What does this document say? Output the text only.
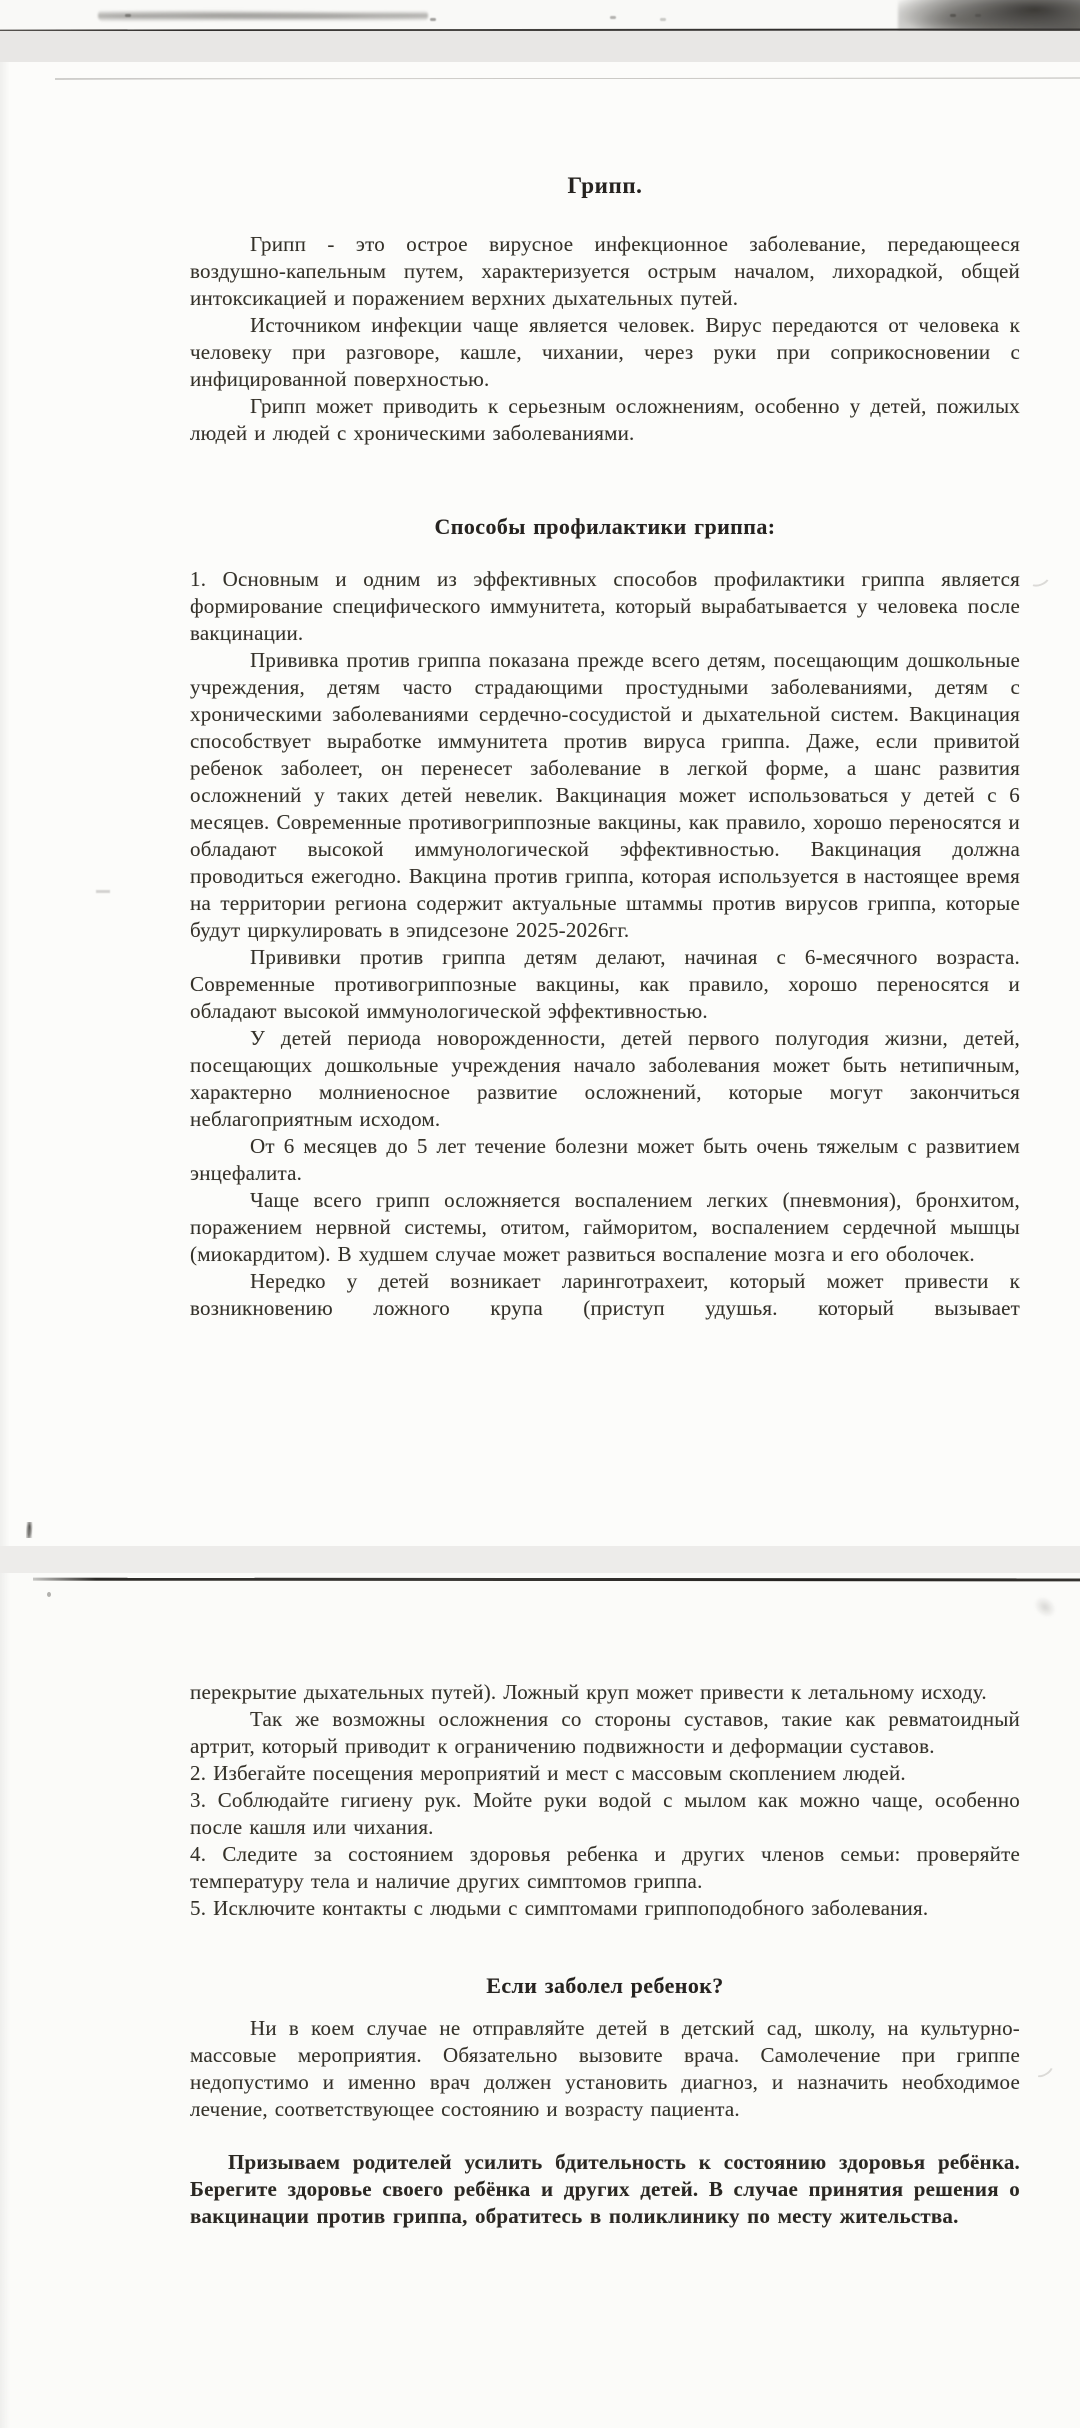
Грипп.

Грипп - это острое вирусное инфекционное заболевание, передающееся воздушно-капельным путем, характеризуется острым началом, лихорадкой, общей интоксикацией и поражением верхних дыхательных путей.

Источником инфекции чаще является человек. Вирус передаются от человека к человеку при разговоре, кашле, чихании, через руки при соприкосновении с инфицированной поверхностью.

Грипп может приводить к серьезным осложнениям, особенно у детей, пожилых людей и людей с хроническими заболеваниями.

Способы профилактики гриппа:

1. Основным и одним из эффективных способов профилактики гриппа является формирование специфического иммунитета, который вырабатывается у человека после вакцинации.

Прививка против гриппа показана прежде всего детям, посещающим дошкольные учреждения, детям часто страдающими простудными заболеваниями, детям с хроническими заболеваниями сердечно-сосудистой и дыхательной систем. Вакцинация способствует выработке иммунитета против вируса гриппа. Даже, если привитой ребенок заболеет, он перенесет заболевание в легкой форме, а шанс развития осложнений у таких детей невелик. Вакцинация может использоваться у детей с 6 месяцев. Современные противогриппозные вакцины, как правило, хорошо переносятся и обладают высокой иммунологической эффективностью. Вакцинация должна проводиться ежегодно. Вакцина против гриппа, которая используется в настоящее время на территории региона содержит актуальные штаммы против вирусов гриппа, которые будут циркулировать в эпидсезоне 2025-2026гг.

Прививки против гриппа детям делают, начиная с 6-месячного возраста. Современные противогриппозные вакцины, как правило, хорошо переносятся и обладают высокой иммунологической эффективностью.

У детей периода новорожденности, детей первого полугодия жизни, детей, посещающих дошкольные учреждения начало заболевания может быть нетипичным, характерно молниеносное развитие осложнений, которые могут закончиться неблагоприятным исходом.

От 6 месяцев до 5 лет течение болезни может быть очень тяжелым с развитием энцефалита.

Чаще всего грипп осложняется воспалением легких (пневмония), бронхитом, поражением нервной системы, отитом, гайморитом, воспалением сердечной мышцы (миокардитом). В худшем случае может развиться воспаление мозга и его оболочек.

Нередко у детей возникает ларинготрахеит, который может привести к возникновению ложного крупа (приступ удушья. который вызывает

перекрытие дыхательных путей). Ложный круп может привести к летальному исходу.

Так же возможны осложнения со стороны суставов, такие как ревматоидный артрит, который приводит к ограничению подвижности и деформации суставов.

2. Избегайте посещения мероприятий и мест с массовым скоплением людей.

3. Соблюдайте гигиену рук. Мойте руки водой с мылом как можно чаще, особенно после кашля или чихания.

4. Следите за состоянием здоровья ребенка и других членов семьи: проверяйте температуру тела и наличие других симптомов гриппа.

5. Исключите контакты с людьми с симптомами гриппоподобного заболевания.

Если заболел ребенок?

Ни в коем случае не отправляйте детей в детский сад, школу, на культурно-массовые мероприятия. Обязательно вызовите врача. Самолечение при гриппе недопустимо и именно врач должен установить диагноз, и назначить необходимое лечение, соответствующее состоянию и возрасту пациента.

Призываем родителей усилить бдительность к состоянию здоровья ребёнка. Берегите здоровье своего ребёнка и других детей. В случае принятия решения о вакцинации против гриппа, обратитесь в поликлинику по месту жительства.
